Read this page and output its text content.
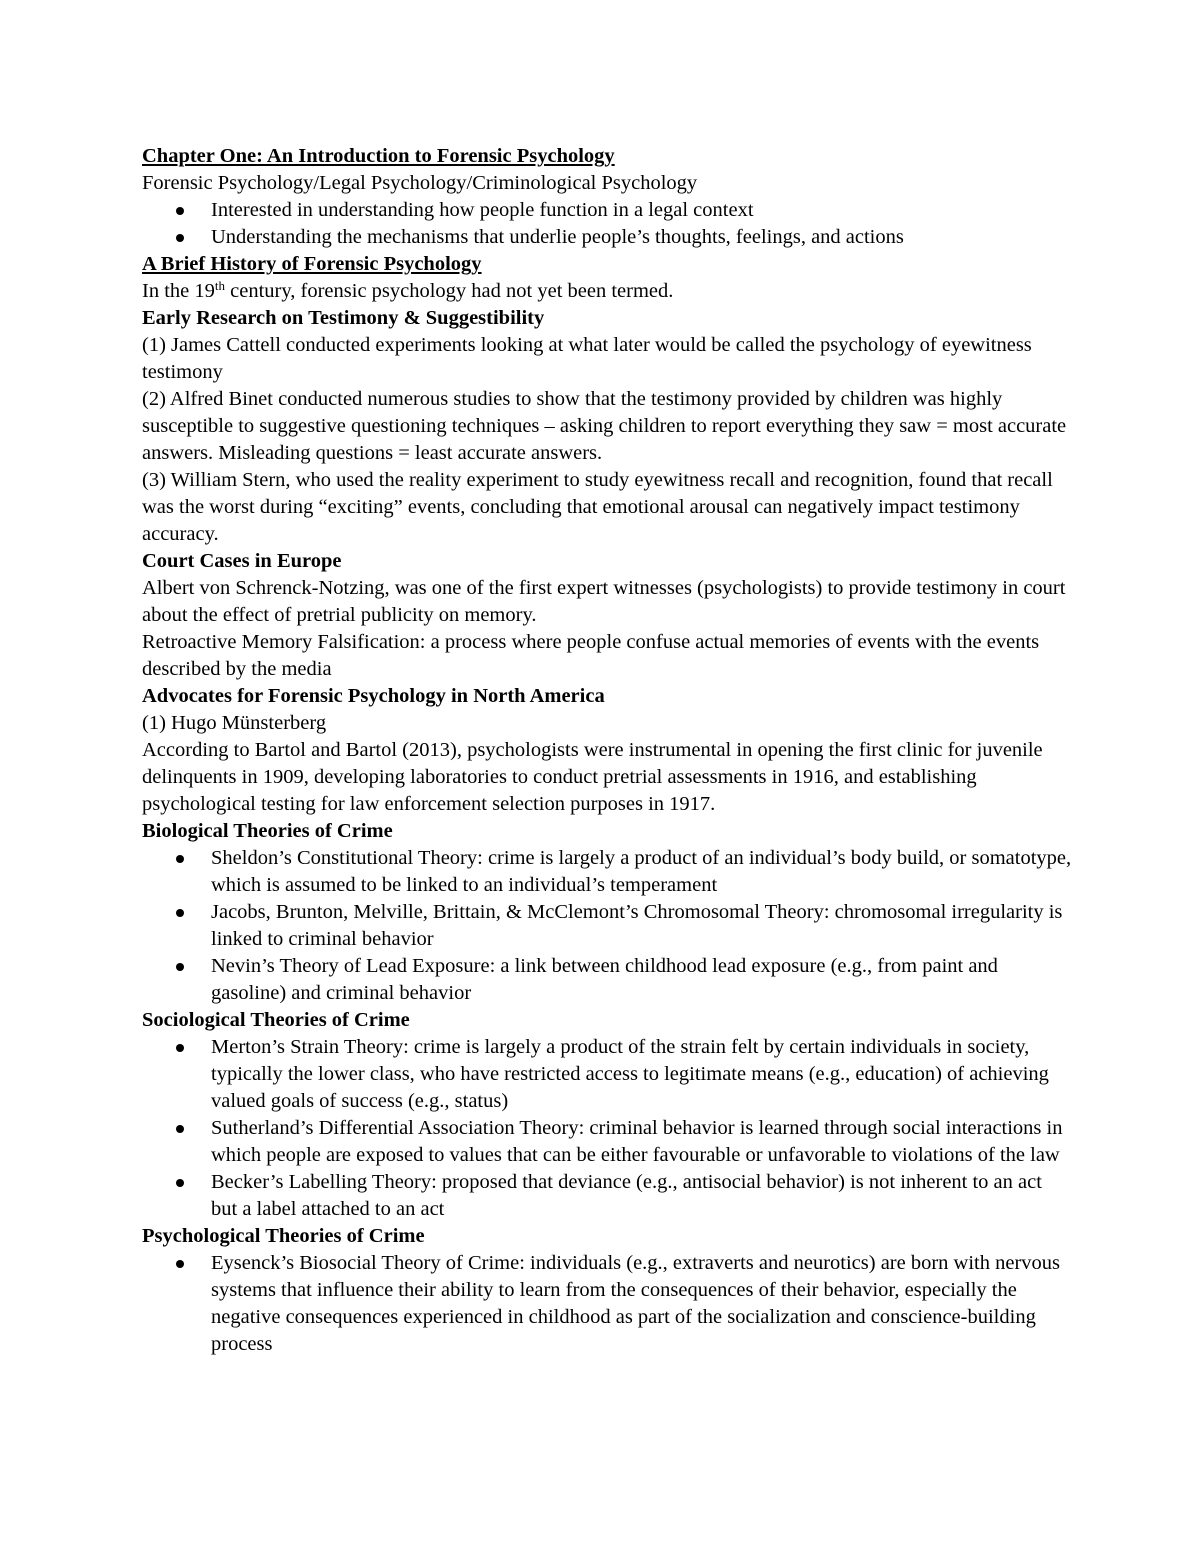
Chapter One: An Introduction to Forensic Psychology

Forensic Psychology/Legal Psychology/Criminological Psychology

Interested in understanding how people function in a legal context
Understanding the mechanisms that underlie people’s thoughts, feelings, and actions

A Brief History of Forensic Psychology

In the 19th century, forensic psychology had not yet been termed.

Early Research on Testimony & Suggestibility

(1) James Cattell conducted experiments looking at what later would be called the psychology of eyewitness testimony

(2) Alfred Binet conducted numerous studies to show that the testimony provided by children was highly susceptible to suggestive questioning techniques – asking children to report everything they saw = most accurate answers. Misleading questions = least accurate answers.

(3) William Stern, who used the reality experiment to study eyewitness recall and recognition, found that recall was the worst during “exciting” events, concluding that emotional arousal can negatively impact testimony accuracy.

Court Cases in Europe

Albert von Schrenck-Notzing, was one of the first expert witnesses (psychologists) to provide testimony in court about the effect of pretrial publicity on memory.

Retroactive Memory Falsification: a process where people confuse actual memories of events with the events described by the media

Advocates for Forensic Psychology in North America

(1) Hugo Münsterberg

According to Bartol and Bartol (2013), psychologists were instrumental in opening the first clinic for juvenile delinquents in 1909, developing laboratories to conduct pretrial assessments in 1916, and establishing psychological testing for law enforcement selection purposes in 1917.

Biological Theories of Crime

Sheldon’s Constitutional Theory: crime is largely a product of an individual’s body build, or somatotype, which is assumed to be linked to an individual’s temperament
Jacobs, Brunton, Melville, Brittain, & McClemont’s Chromosomal Theory: chromosomal irregularity is linked to criminal behavior
Nevin’s Theory of Lead Exposure: a link between childhood lead exposure (e.g., from paint and gasoline) and criminal behavior

Sociological Theories of Crime

Merton’s Strain Theory: crime is largely a product of the strain felt by certain individuals in society, typically the lower class, who have restricted access to legitimate means (e.g., education) of achieving valued goals of success (e.g., status)
Sutherland’s Differential Association Theory: criminal behavior is learned through social interactions in which people are exposed to values that can be either favourable or unfavorable to violations of the law
Becker’s Labelling Theory: proposed that deviance (e.g., antisocial behavior) is not inherent to an act but a label attached to an act

Psychological Theories of Crime

Eysenck’s Biosocial Theory of Crime: individuals (e.g., extraverts and neurotics) are born with nervous systems that influence their ability to learn from the consequences of their behavior, especially the negative consequences experienced in childhood as part of the socialization and conscience-building process
